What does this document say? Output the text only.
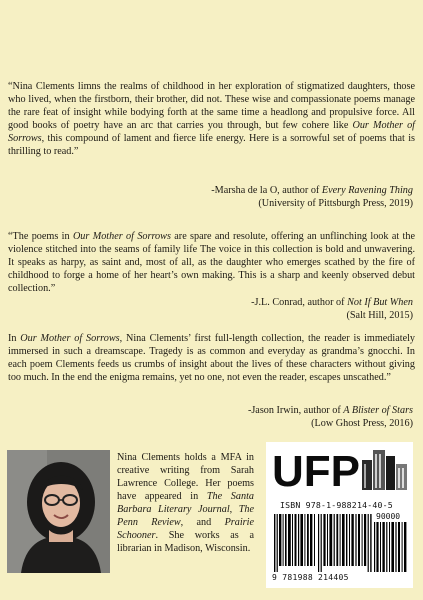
“Nina Clements limns the realms of childhood in her exploration of stigmatized daughters, those who lived, when the firstborn, their brother, did not. These wise and compassionate poems manage the rare feat of insight while bodying forth at the same time a headlong and propulsive force. All good books of poetry have an arc that carries you through, but few cohere like Our Mother of Sorrows, this compound of lament and fierce life energy. Here is a sorrowful set of poems that is thrilling to read.”

-Marsha de la O, author of Every Ravening Thing
(University of Pittsburgh Press, 2019)

“The poems in Our Mother of Sorrows are spare and resolute, offering an unflinching look at the violence stitched into the seams of family life The voice in this collection is bold and unwavering. It speaks as harpy, as saint and, most of all, as the daughter who emerges scathed by the fire of childhood to forge a home of her heart’s own making. This is a sharp and keenly observed debut collection.”

-J.L. Conrad, author of Not If But When
(Salt Hill, 2015)

In Our Mother of Sorrows, Nina Clements’ first full-length collection, the reader is immediately immersed in such a dreamscape. Tragedy is as common and everyday as grandma’s gnocchi. In each poem Clements feeds us crumbs of insight about the lives of these characters without giving too much. In the end the enigma remains, yet no one, not even the reader, escapes unscathed.”

-Jason Irwin, author of A Blister of Stars
(Low Ghost Press, 2016)

Nina Clements holds a MFA in creative writing from Sarah Lawrence College. Her poems have appeared in The Santa Barbara Literary Journal, The Penn Review, and Prairie Schooner. She works as a librarian in Madison, Wisconsin.

UFP
ISBN 978-1-988214-40-5
90000
9 781988 214405
